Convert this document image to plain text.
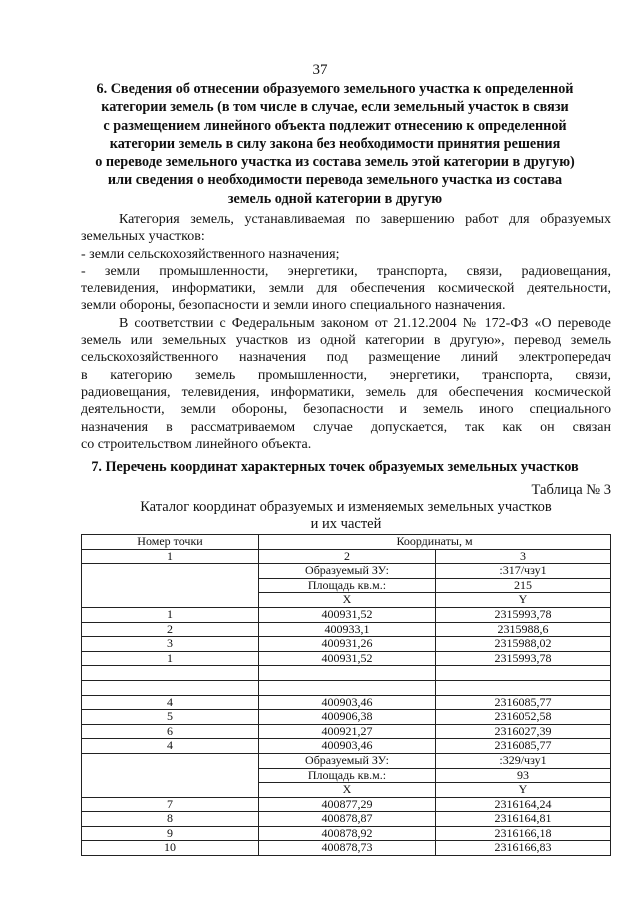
37
6. Сведения об отнесении образуемого земельного участка к определенной
категории земель (в том числе в случае, если земельный участок в связи
с размещением линейного объекта подлежит отнесению к определенной
категории земель в силу закона без необходимости принятия решения
о переводе земельного участка из состава земель этой категории в другую)
или сведения о необходимости перевода земельного участка из состава
земель одной категории в другую
Категория земель, устанавливаемая по завершению работ для образуемых
земельных участков:
- земли сельскохозяйственного назначения;
- земли промышленности, энергетики, транспорта, связи, радиовещания,
телевидения, информатики, земли для обеспечения космической деятельности,
земли обороны, безопасности и земли иного специального назначения.
В соответствии с Федеральным законом от 21.12.2004 № 172-ФЗ «О переводе
земель или земельных участков из одной категории в другую», перевод земель
сельскохозяйственного назначения под размещение линий электропередач
в категорию земель промышленности, энергетики, транспорта, связи,
радиовещания, телевидения, информатики, земель для обеспечения космической
деятельности, земли обороны, безопасности и земель иного специального
назначения в рассматриваемом случае допускается, так как он связан
со строительством линейного объекта.
7. Перечень координат характерных точек образуемых земельных участков
Таблица № 3
Каталог координат образуемых и изменяемых земельных участков
и их частей
Номер точки	Координаты, м	
1	2	3
	Образуемый ЗУ:	:317/чзу1
	Площадь кв.м.:	215
	X	Y
1	400931,52	2315993,78
2	400933,1	2315988,6
3	400931,26	2315988,02
1	400931,52	2315993,78

4	400903,46	2316085,77
5	400906,38	2316052,58
6	400921,27	2316027,39
4	400903,46	2316085,77
	Образуемый ЗУ:	:329/чзу1
	Площадь кв.м.:	93
	X	Y
7	400877,29	2316164,24
8	400878,87	2316164,81
9	400878,92	2316166,18
10	400878,73	2316166,83
